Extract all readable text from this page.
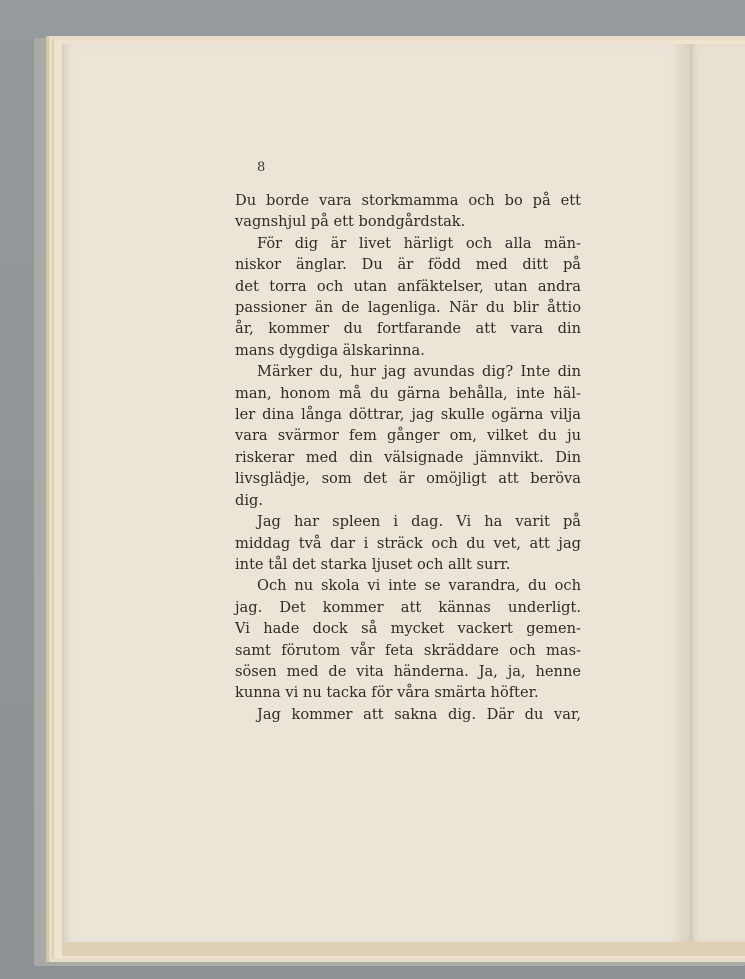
8
Du borde vara storkmamma och bo på ett
vagnshjul på ett bondgårdstak.
För dig är livet härligt och alla män-
niskor änglar. Du är född med ditt på
det torra och utan anfäktelser, utan andra
passioner än de lagenliga. När du blir åttio
år, kommer du fortfarande att vara din
mans dygdiga älskarinna.
Märker du, hur jag avundas dig? Inte din
man, honom må du gärna behålla, inte häl-
ler dina långa döttrar, jag skulle ogärna vilja
vara svärmor fem gånger om, vilket du ju
riskerar med din välsignade jämnvikt. Din
livsglädje, som det är omöjligt att beröva
dig.
Jag har spleen i dag. Vi ha varit på
middag två dar i sträck och du vet, att jag
inte tål det starka ljuset och allt surr.
Och nu skola vi inte se varandra, du och
jag. Det kommer att kännas underligt.
Vi hade dock så mycket vackert gemen-
samt förutom vår feta skräddare och mas-
sösen med de vita händerna. Ja, ja, henne
kunna vi nu tacka för våra smärta höfter.
Jag kommer att sakna dig. Där du var,
